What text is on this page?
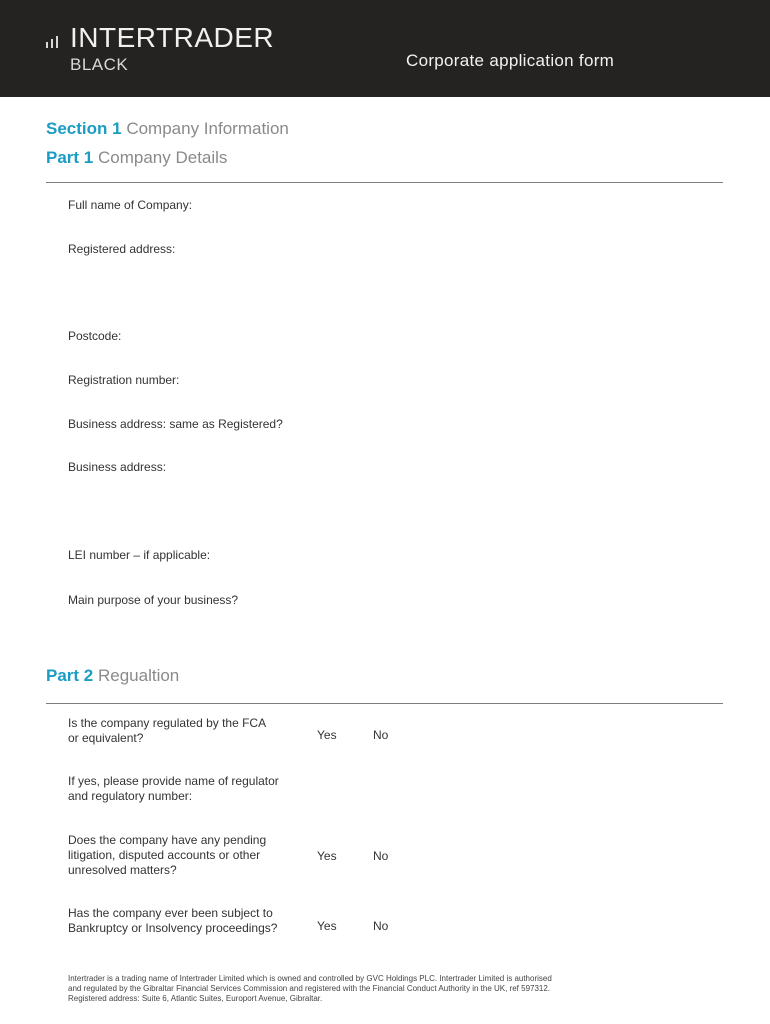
INTERTRADER
BLACK	Corporate application form
Section 1 Company Information
Part 1 Company Details
Full name of Company:
Registered address:
Postcode:
Registration number:
Business address: same as Registered?
Business address:
LEI number – if applicable:
Main purpose of your business?
Part 2 Regualtion
Is the company regulated by the FCA
or equivalent?	Yes	No
If yes, please provide name of regulator
and regulatory number:
Does the company have any pending
litigation, disputed accounts or other
unresolved matters?
Yes	No
Has the company ever been subject to
Bankruptcy or Insolvency proceedings?	Yes	No
Intertrader is a trading name of Intertrader Limited which is owned and controlled by GVC Holdings PLC. Intertrader Limited is authorised
and regulated by the Gibraltar Financial Services Commission and registered with the Financial Conduct Authority in the UK, ref 597312.
Registered address: Suite 6, Atlantic Suites, Europort Avenue, Gibraltar.
